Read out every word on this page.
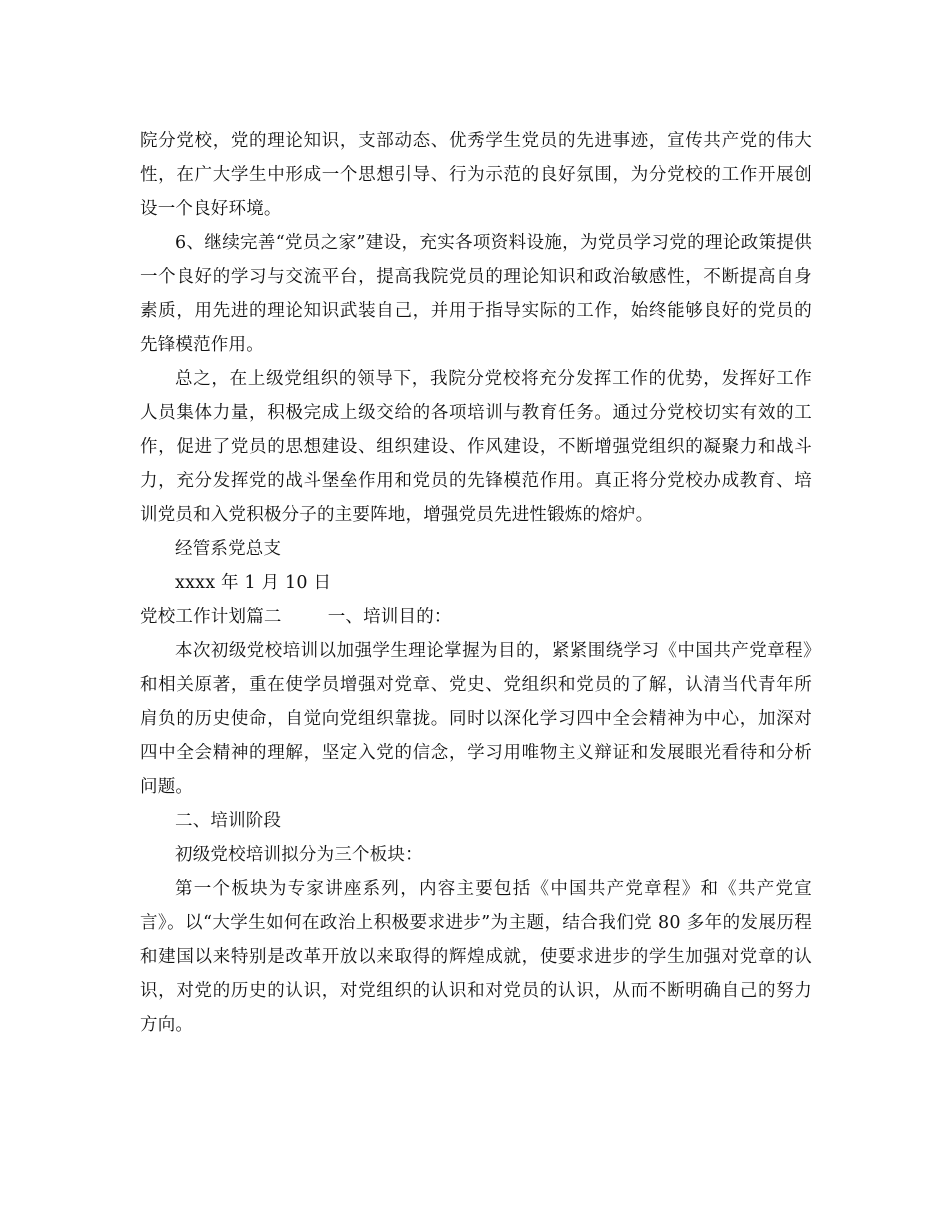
院分党校，党的理论知识，支部动态、优秀学生党员的先进事迹，宣传共产党的伟大性，在广大学生中形成一个思想引导、行为示范的良好氛围，为分党校的工作开展创设一个良好环境。

6、继续完善“党员之家”建设，充实各项资料设施，为党员学习党的理论政策提供一个良好的学习与交流平台，提高我院党员的理论知识和政治敏感性，不断提高自身素质，用先进的理论知识武装自己，并用于指导实际的工作，始终能够良好的党员的先锋模范作用。

总之，在上级党组织的领导下，我院分党校将充分发挥工作的优势，发挥好工作人员集体力量，积极完成上级交给的各项培训与教育任务。通过分党校切实有效的工作，促进了党员的思想建设、组织建设、作风建设，不断增强党组织的凝聚力和战斗力，充分发挥党的战斗堡垒作用和党员的先锋模范作用。真正将分党校办成教育、培训党员和入党积极分子的主要阵地，增强党员先进性锻炼的熔炉。

经管系党总支

xxxx 年 1 月 10 日

党校工作计划篇二        一、培训目的：

本次初级党校培训以加强学生理论掌握为目的，紧紧围绕学习《中国共产党章程》和相关原著，重在使学员增强对党章、党史、党组织和党员的了解，认清当代青年所肩负的历史使命，自觉向党组织靠拢。同时以深化学习四中全会精神为中心，加深对四中全会精神的理解，坚定入党的信念，学习用唯物主义辩证和发展眼光看待和分析问题。

二、培训阶段

初级党校培训拟分为三个板块：

第一个板块为专家讲座系列，内容主要包括《中国共产党章程》和《共产党宣言》。以“大学生如何在政治上积极要求进步”为主题，结合我们党 80 多年的发展历程和建国以来特别是改革开放以来取得的辉煌成就，使要求进步的学生加强对党章的认识，对党的历史的认识，对党组织的认识和对党员的认识，从而不断明确自己的努力方向。
